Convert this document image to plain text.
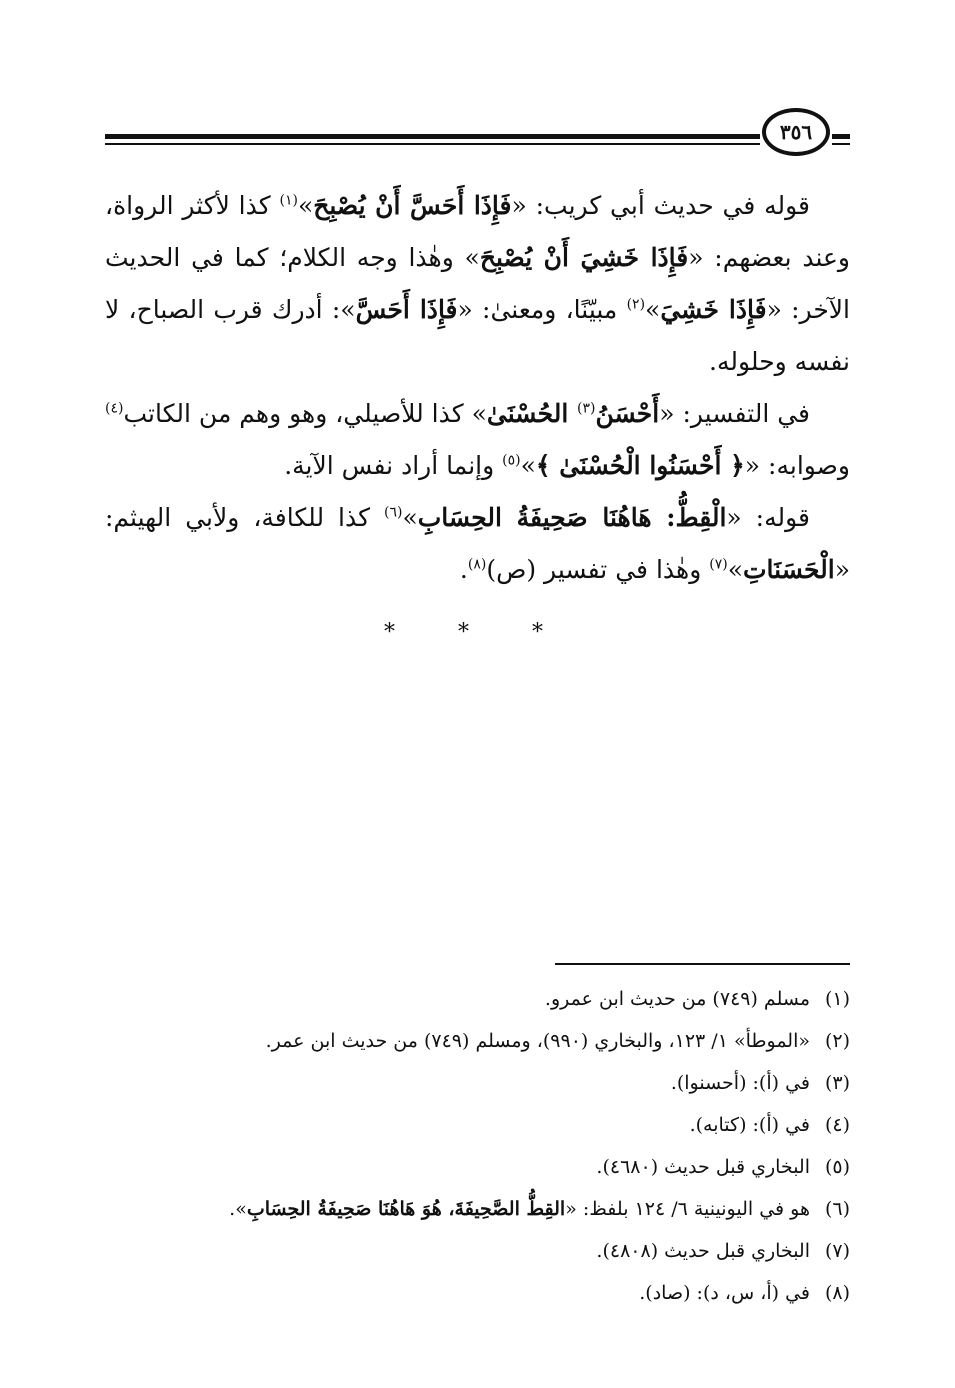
٣٥٦

قوله في حديث أبي كريب: «فَإِذَا أَحَسَّ أَنْ يُصْبِحَ»$^{(١)}$ كذا لأكثر الرواة، وعند بعضهم: «فَإِذَا خَشِيَ أَنْ يُصْبِحَ» وهٰذا وجه الكلام؛ كما في الحديث الآخر: «فَإِذَا خَشِيَ»$^{(٢)}$ مبيّنًا، ومعنىٰ: «فَإِذَا أَحَسَّ»: أدرك قرب الصباح، لا نفسه وحلوله.

في التفسير: «أَحْسَنُ$^{(٣)}$ الحُسْنَىٰ» كذا للأصيلي، وهو وهم من الكاتب$^{(٤)}$ وصوابه: «﴿ أَحْسَنُوا الْحُسْنَىٰ ﴾»$^{(٥)}$ وإنما أراد نفس الآية.

قوله: «الْقِطُّ: هَاهُنَا صَحِيفَةُ الحِسَابِ»$^{(٦)}$ كذا للكافة، ولأبي الهيثم: «الْحَسَنَاتِ»$^{(٧)}$ وهٰذا في تفسير (ص)$^{(٨)}$.

* * *
(١)مسلم (٧٤٩) من حديث ابن عمرو.
(٢)«الموطأ» ١/ ١٢٣، والبخاري (٩٩٠)، ومسلم (٧٤٩) من حديث ابن عمر.
(٣)في (أ): (أحسنوا).
(٤)في (أ): (كتابه).
(٥)البخاري قبل حديث (٤٦٨٠).
(٦)هو في اليونينية ٦/ ١٢٤ بلفظ: «القِطُّ الصَّحِيفَةَ، هُوَ هَاهُنَا صَحِيفَةُ الحِسَابِ».
(٧)البخاري قبل حديث (٤٨٠٨).
(٨)في (أ، س، د): (صاد).
